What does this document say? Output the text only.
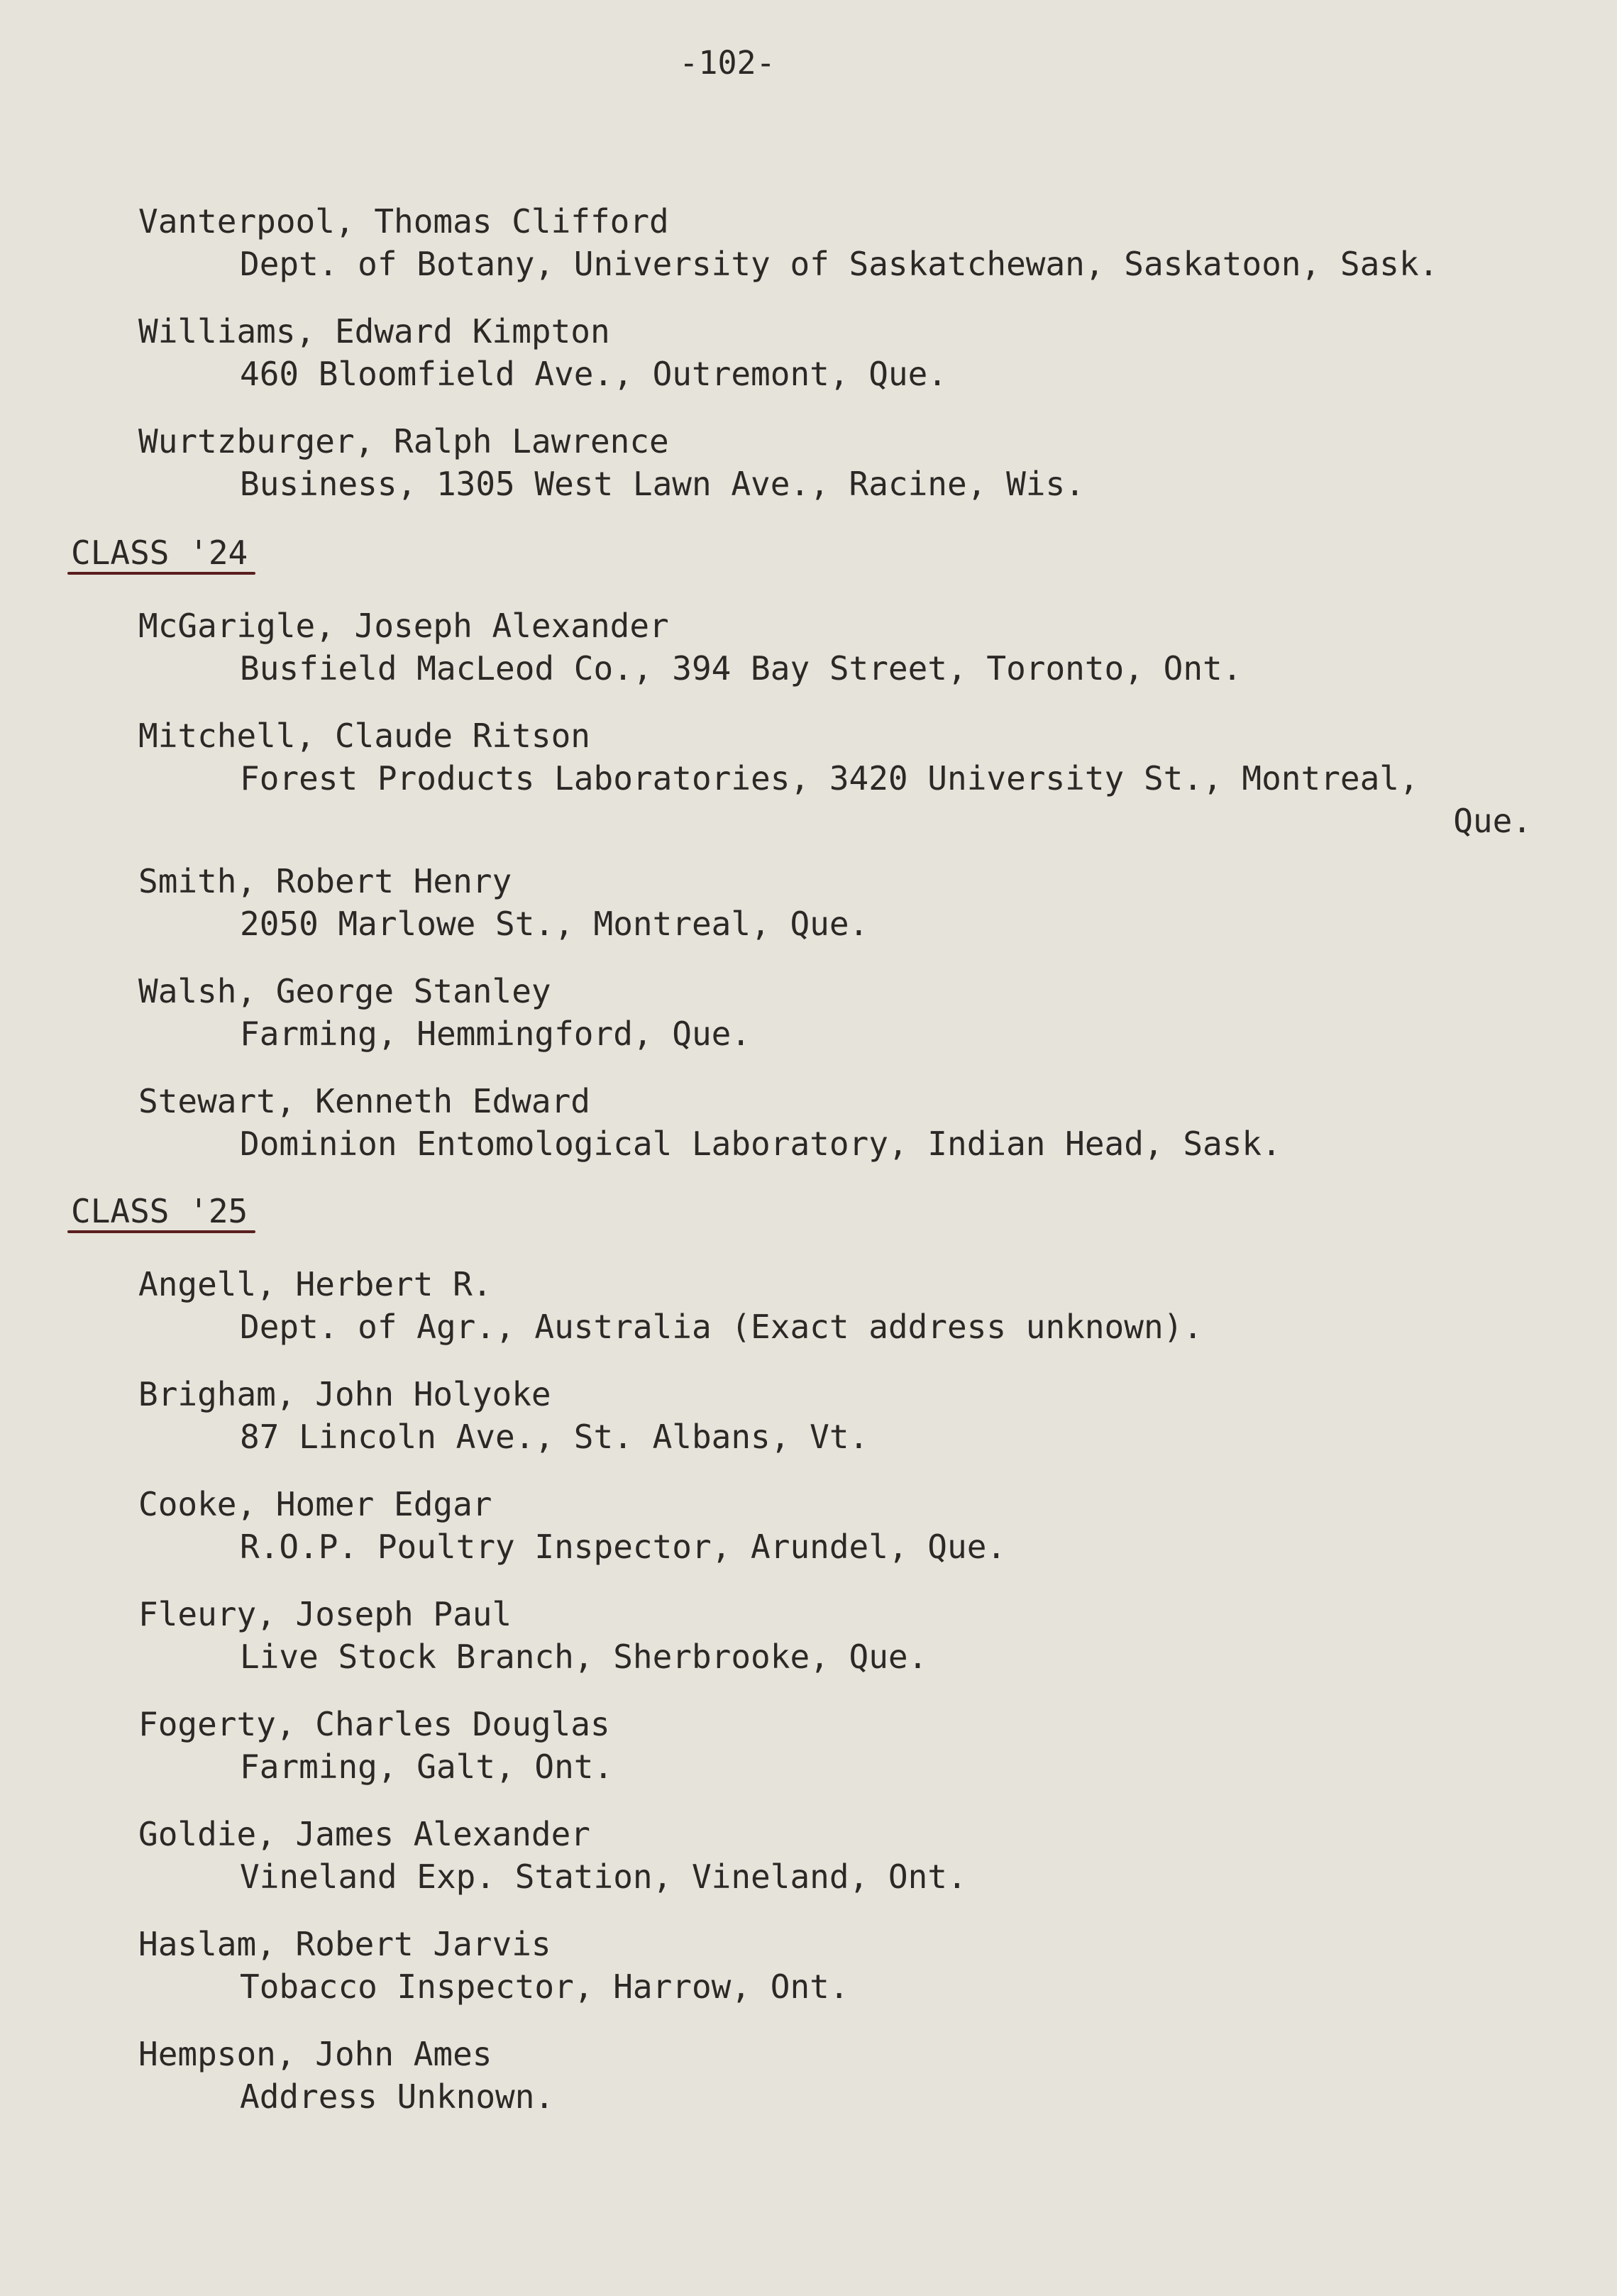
-102-
Vanterpool, Thomas Clifford
Dept. of Botany, University of Saskatchewan, Saskatoon, Sask.
Williams, Edward Kimpton
460 Bloomfield Ave., Outremont, Que.
Wurtzburger, Ralph Lawrence
Business, 1305 West Lawn Ave., Racine, Wis.
CLASS '24
McGarigle, Joseph Alexander
Busfield MacLeod Co., 394 Bay Street, Toronto, Ont.
Mitchell, Claude Ritson
Forest Products Laboratories, 3420 University St., Montreal,
Que.
Smith, Robert Henry
2050 Marlowe St., Montreal, Que.
Walsh, George Stanley
Farming, Hemmingford, Que.
Stewart, Kenneth Edward
Dominion Entomological Laboratory, Indian Head, Sask.
CLASS '25
Angell, Herbert R.
Dept. of Agr., Australia (Exact address unknown).
Brigham, John Holyoke
87 Lincoln Ave., St. Albans, Vt.
Cooke, Homer Edgar
R.O.P. Poultry Inspector, Arundel, Que.
Fleury, Joseph Paul
Live Stock Branch, Sherbrooke, Que.
Fogerty, Charles Douglas
Farming, Galt, Ont.
Goldie, James Alexander
Vineland Exp. Station, Vineland, Ont.
Haslam, Robert Jarvis
Tobacco Inspector, Harrow, Ont.
Hempson, John Ames
Address Unknown.
